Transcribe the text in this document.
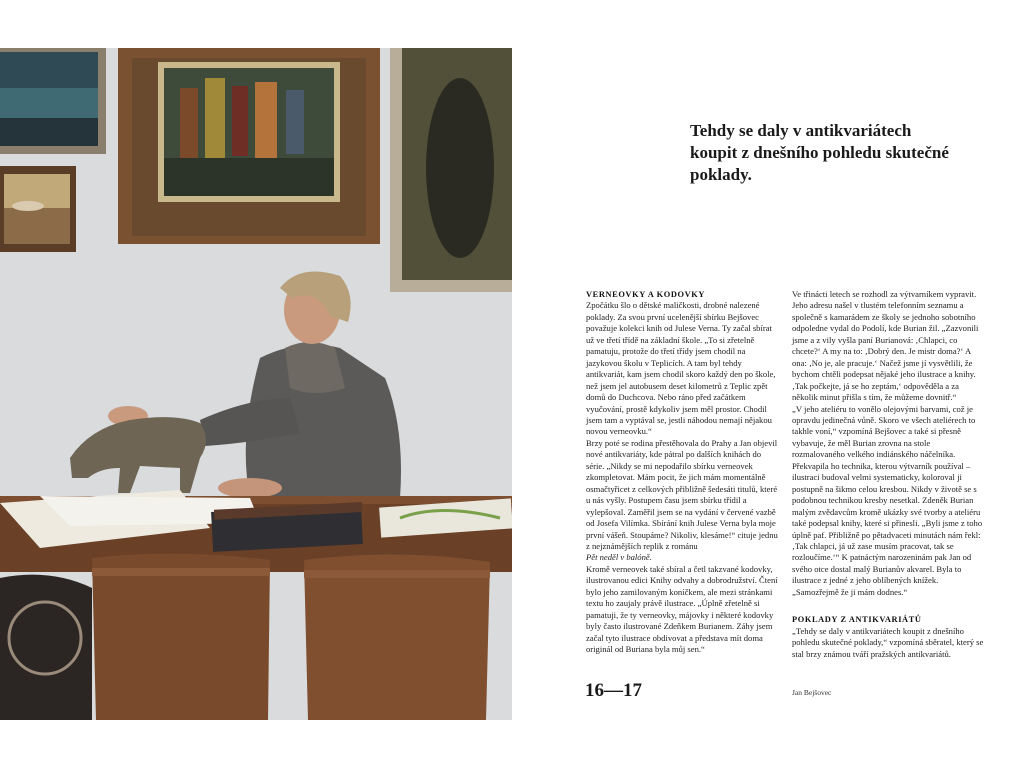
Tehdy se daly v antikvariátech koupit z dnešního pohledu skutečné poklady.
VERNEOVKY A KODOVKY

Zpočátku šlo o dětské maličkosti, drobné nalezené poklady. Za svou první ucelenější sbírku Bejšovec považuje kolekci knih od Julese Verna. Ty začal sbírat už ve třetí třídě na základní škole. „To si zřetelně pamatuju, protože do třetí třídy jsem chodil na jazykovou školu v Teplicích. A tam byl tehdy antikvariát, kam jsem chodil skoro každý den po škole, než jsem jel autobusem deset kilometrů z Teplic zpět domů do Duchcova. Nebo ráno před začátkem vyučování, prostě kdykoliv jsem měl prostor. Chodil jsem tam a vyptával se, jestli náhodou nemají nějakou novou verneovku.“

Brzy poté se rodina přestěhovala do Prahy a Jan objevil nové antikvariáty, kde pátral po dalších knihách do série. „Nikdy se mi nepodařilo sbírku verneovek zkompletovat. Mám pocit, že jich mám momentálně osmačtyřicet z celkových přibližně šedesáti titulů, které u nás vyšly. Postupem času jsem sbírku třídil a vylepšoval. Zaměřil jsem se na vydání v červené vazbě od Josefa Vilímka. Sbírání knih Julese Verna byla moje první vášeň. Stoupáme? Nikoliv, klesáme!“ cituje jednu z nejznámějších replik z románu

Pět neděl v balóně.

Kromě verneovek také sbíral a četl takzvané kodovky, ilustrovanou edici Knihy odvahy a dobrodružství. Čtení bylo jeho zamilovaným koníčkem, ale mezi stránkami textu ho zaujaly právě ilustrace. „Úplně zřetelně si pamatuji, že ty verneovky, májovky i některé kodovky byly často ilustrované Zdeňkem Burianem. Záhy jsem začal tyto ilustrace obdivovat a představa mít doma originál od Buriana byla můj sen.“

Ve třinácti letech se rozhodl za výtvarníkem vypravit. Jeho adresu našel v tlustém telefonním seznamu a společně s kamarádem ze školy se jednoho sobotního odpoledne vydal do Podolí, kde Burian žil. „Zazvonili jsme a z vily vyšla paní Burianová: ‚Chlapci, co chcete?‘ A my na to: ‚Dobrý den. Je mistr doma?‘ A ona: ‚No je, ale pracuje.‘ Načež jsme jí vysvětlili, že bychom chtěli podepsat nějaké jeho ilustrace a knihy. ‚Tak počkejte, já se ho zeptám,‘ odpověděla a za několik minut přišla s tím, že můžeme dovnitř.“

„V jeho ateliéru to vonělo olejovými barvami, což je opravdu jedinečná vůně. Skoro ve všech ateliérech to takhle voní,“ vzpomíná Bejšovec a také si přesně vybavuje, že měl Burian zrovna na stole rozmalovaného velkého indiánského náčelníka. Překvapila ho technika, kterou výtvarník používal – ilustraci budoval velmi systematicky, koloroval ji postupně na šikmo celou kresbou. Nikdy v životě se s podobnou technikou kresby nesetkal. Zdeněk Burian malým zvědavcům kromě ukázky své tvorby a ateliéru také podepsal knihy, které si přinesli. „Byli jsme z toho úplně paf. Přibližně po pětadvaceti minutách nám řekl: ‚Tak chlapci, já už zase musím pracovat, tak se rozloučíme.‘“ K patnáctým narozeninám pak Jan od svého otce dostal malý Burianův akvarel. Byla to ilustrace z jedné z jeho oblíbených knížek. „Samozřejmě že ji mám dodnes.“

POKLADY Z ANTIKVARIÁTŮ

„Tehdy se daly v antikvariátech koupit z dnešního pohledu skutečné poklady,“ vzpomíná sběratel, který se stal brzy známou tváří pražských antikvariátů.

16—17	Jan Bejšovec
